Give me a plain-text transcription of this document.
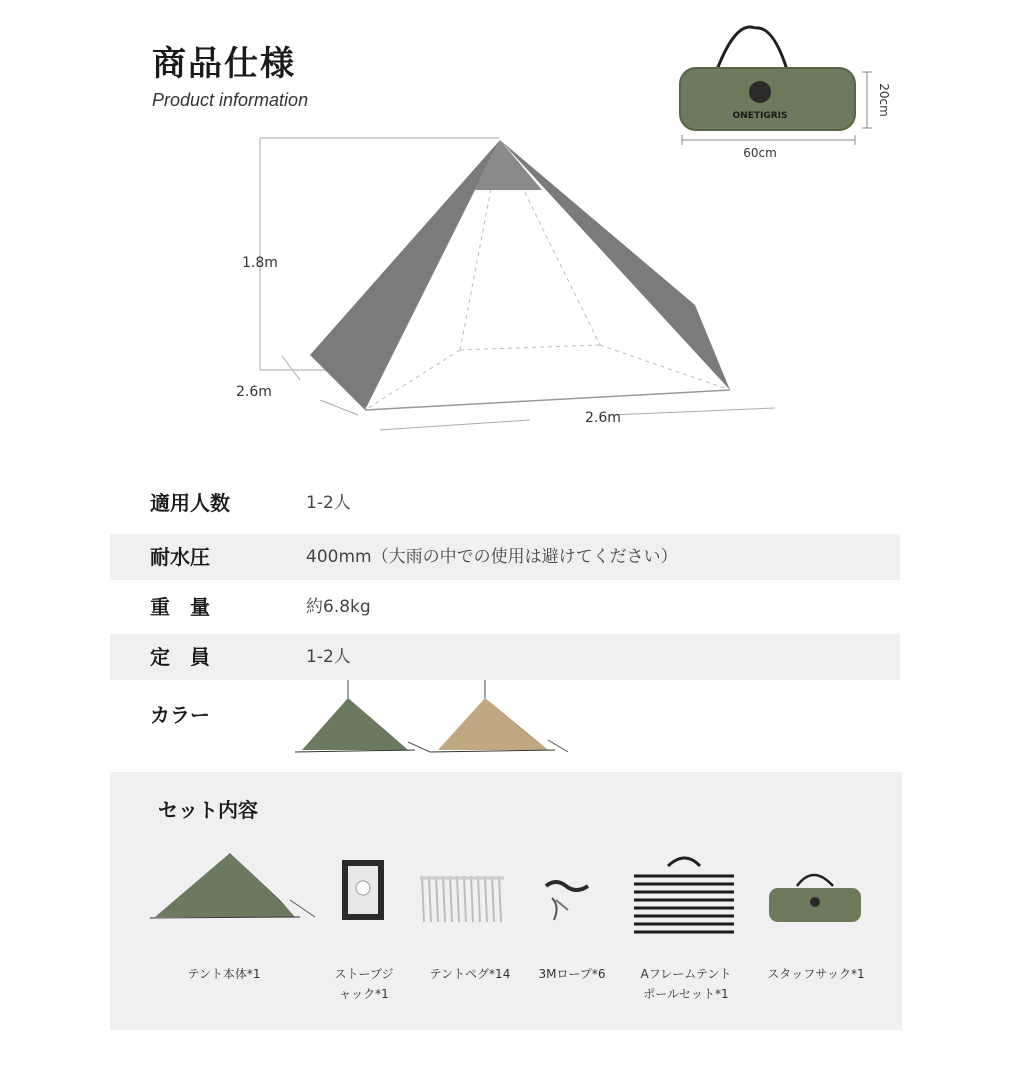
商品仕様
Product information
ONETIGRIS
60cm
20cm
1.8m
2.6m
2.6m
適用人数	1-2人
耐水圧	400mm（大雨の中での使用は避けてください）
重　量	約6.8kg
定　員	1-2人
カラー
セット内容
テント本体*1	ストーブジ
ャック*1
テントペグ*14	3Mロープ*6	Aフレームテント
ポールセット*1
スタッフサック*1
